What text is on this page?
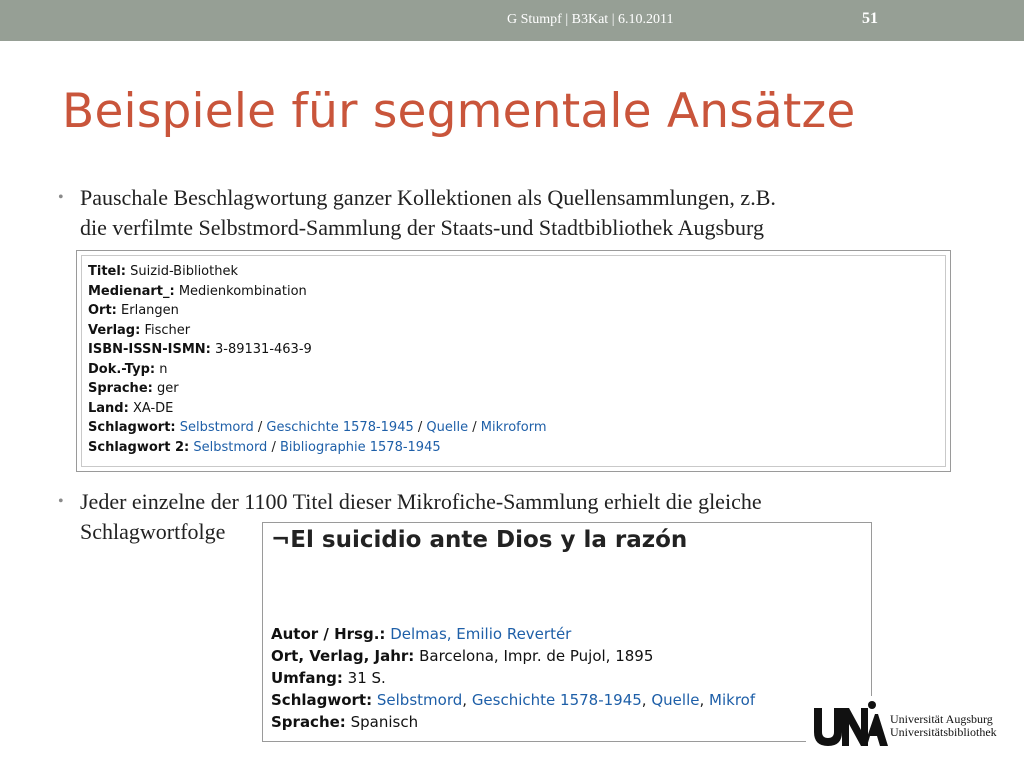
G Stumpf | B3Kat | 6.10.2011	51
Beispiele für segmentale Ansätze
• Pauschale Beschlagwortung ganzer Kollektionen als Quellensammlungen, z.B.
die verfilmte Selbstmord-Sammlung der Staats-und Stadtbibliothek Augsburg
Titel: Suizid-Bibliothek
Medienart_: Medienkombination
Ort: Erlangen
Verlag: Fischer
ISBN-ISSN-ISMN: 3-89131-463-9
Dok.-Typ: n
Sprache: ger
Land: XA-DE
Schlagwort: Selbstmord / Geschichte 1578-1945 / Quelle / Mikroform
Schlagwort 2: Selbstmord / Bibliographie 1578-1945
• Jeder einzelne der 1100 Titel dieser Mikrofiche-Sammlung erhielt die gleiche
Schlagwortfolge	¬El suicidio ante Dios y la razón
Autor / Hrsg.: Delmas, Emilio Revertér
Ort, Verlag, Jahr: Barcelona, Impr. de Pujol, 1895
Umfang: 31 S.
Schlagwort: Selbstmord, Geschichte 1578-1945, Quelle, Mikrof
Sprache: Spanisch	Universität Augsburg
Universitätsbibliothek
